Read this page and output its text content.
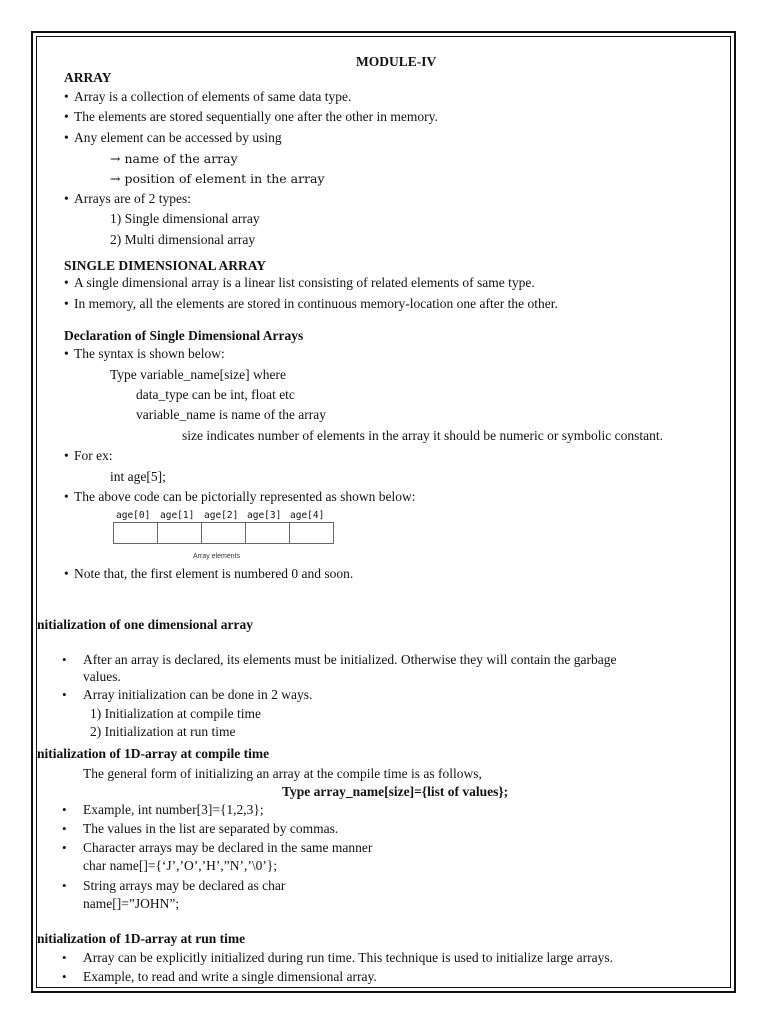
MODULE-IV
ARRAY
• Array is a collection of elements of same data type.
• The elements are stored sequentially one after the other in memory.
• Any element can be accessed by using
→ name of the array
→ position of element in the array
• Arrays are of 2 types:
1) Single dimensional array
2) Multi dimensional array
SINGLE DIMENSIONAL ARRAY
• A single dimensional array is a linear list consisting of related elements of same type.
• In memory, all the elements are stored in continuous memory-location one after the other.
Declaration of Single Dimensional Arrays
• The syntax is shown below:
Type variable_name[size] where
data_type can be int, float etc
variable_name is name of the array
size indicates number of elements in the array it should be numeric or symbolic constant.
• For ex:
int age[5];
• The above code can be pictorially represented as shown below:
age[0] age[1] age[2] age[3] age[4]
Array elements
• Note that, the first element is numbered 0 and soon.
nitialization of one dimensional array
• After an array is declared, its elements must be initialized. Otherwise they will contain the garbage
values.
• Array initialization can be done in 2 ways.
1) Initialization at compile time
2) Initialization at run time
nitialization of 1D-array at compile time
The general form of initializing an array at the compile time is as follows,
Type array_name[size]={list of values};
• Example, int number[3]={1,2,3};
• The values in the list are separated by commas.
• Character arrays may be declared in the same manner
char name[]={‘J’,’O’,’H’,”N’,’\0’};
• String arrays may be declared as char
name[]=”JOHN”;
nitialization of 1D-array at run time
• Array can be explicitly initialized during run time. This technique is used to initialize large arrays.
• Example, to read and write a single dimensional array.
